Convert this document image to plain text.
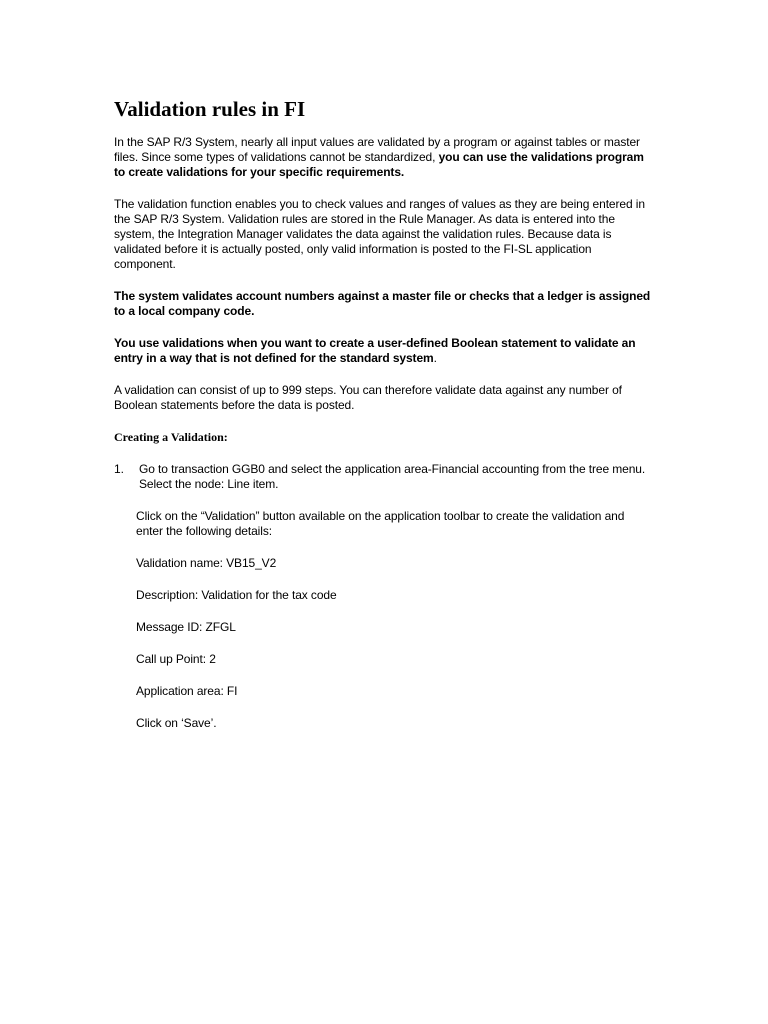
Validation rules in FI

In the SAP R/3 System, nearly all input values are validated by a program or against tables or master files. Since some types of validations cannot be standardized, you can use the validations program to create validations for your specific requirements.

The validation function enables you to check values and ranges of values as they are being entered in the SAP R/3 System. Validation rules are stored in the Rule Manager. As data is entered into the system, the Integration Manager validates the data against the validation rules. Because data is validated before it is actually posted, only valid information is posted to the FI-SL application component.

The system validates account numbers against a master file or checks that a ledger is assigned to a local company code.

You use validations when you want to create a user-defined Boolean statement to validate an entry in a way that is not defined for the standard system.

A validation can consist of up to 999 steps. You can therefore validate data against any number of Boolean statements before the data is posted.

Creating a Validation:
1. Go to transaction GGB0 and select the application area-Financial accounting from the tree menu. Select the node: Line item.

Click on the “Validation” button available on the application toolbar to create the validation and enter the following details:

Validation name: VB15_V2

Description: Validation for the tax code

Message ID: ZFGL

Call up Point: 2

Application area: FI

Click on ‘Save’.
